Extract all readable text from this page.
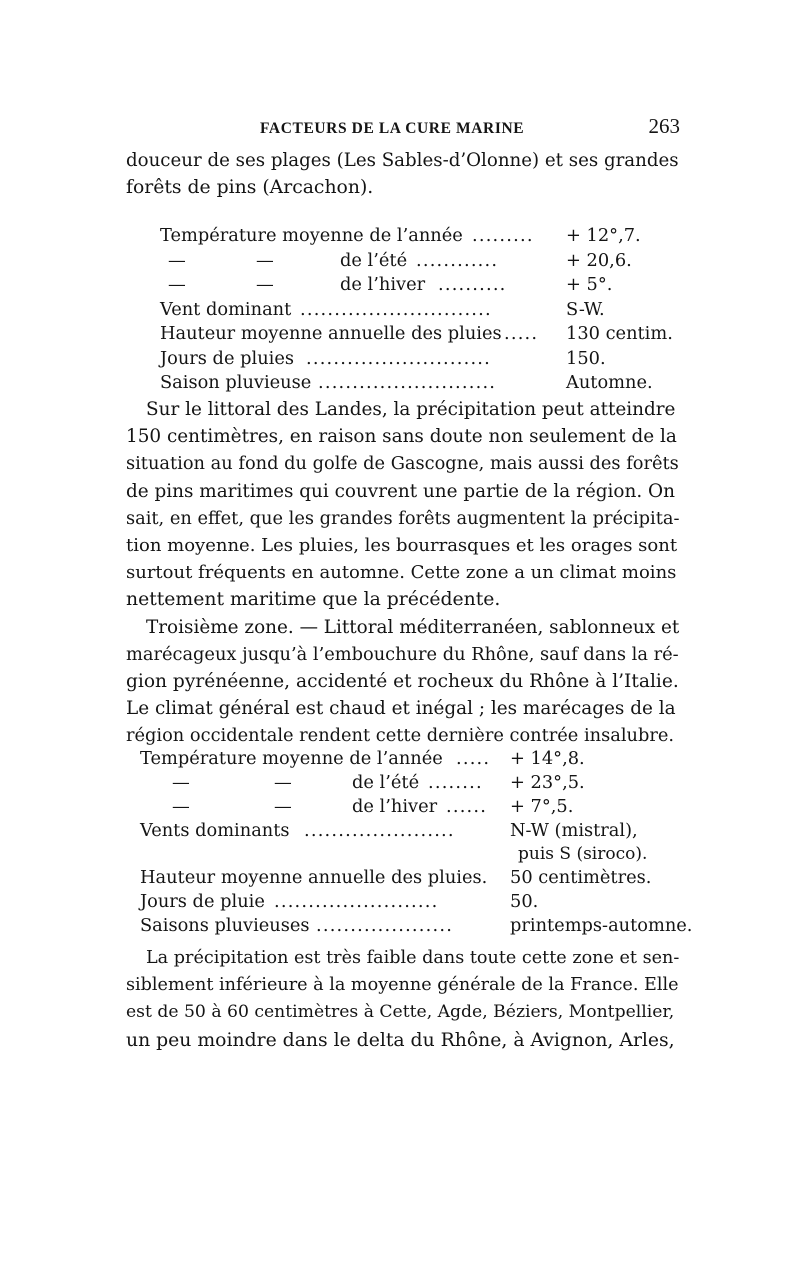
FACTEURS DE LA CURE MARINE	263
douceur de ses plages (Les Sables-d’Olonne) et ses grandes
forêts de pins (Arcachon).
Température moyenne de l’année .........	+ 12°,7.
—	—	de l’été ............	+ 20,6.
—	—	de l’hiver ..........	+ 5°.
Vent dominant ............................	S-W.
Hauteur moyenne annuelle des pluies .....	130 centim.
Jours de pluies ...........................	150.
Saison pluvieuse ..........................	Automne.
Sur le littoral des Landes, la précipitation peut atteindre
150 centimètres, en raison sans doute non seulement de la
situation au fond du golfe de Gascogne, mais aussi des forêts
de pins maritimes qui couvrent une partie de la région. On
sait, en effet, que les grandes forêts augmentent la précipita-
tion moyenne. Les pluies, les bourrasques et les orages sont
surtout fréquents en automne. Cette zone a un climat moins
nettement maritime que la précédente.
Troisième zone. — Littoral méditerranéen, sablonneux et
marécageux jusqu’à l’embouchure du Rhône, sauf dans la ré-
gion pyrénéenne, accidenté et rocheux du Rhône à l’Italie.
Le climat général est chaud et inégal ; les marécages de la
région occidentale rendent cette dernière contrée insalubre.
Température moyenne de l’année .....	+ 14°,8.
—	—	de l’été ........	+ 23°,5.
—	—	de l’hiver ......	+ 7°,5.
Vents dominants ......................	N-W (mistral),
puis S (siroco).
Hauteur moyenne annuelle des pluies. 50 centimètres.
Jours de pluie ........................	50.
Saisons pluvieuses ....................	printemps-automne.
La précipitation est très faible dans toute cette zone et sen-
siblement inférieure à la moyenne générale de la France. Elle
est de 50 à 60 centimètres à Cette, Agde, Béziers, Montpellier,
un peu moindre dans le delta du Rhône, à Avignon, Arles,
